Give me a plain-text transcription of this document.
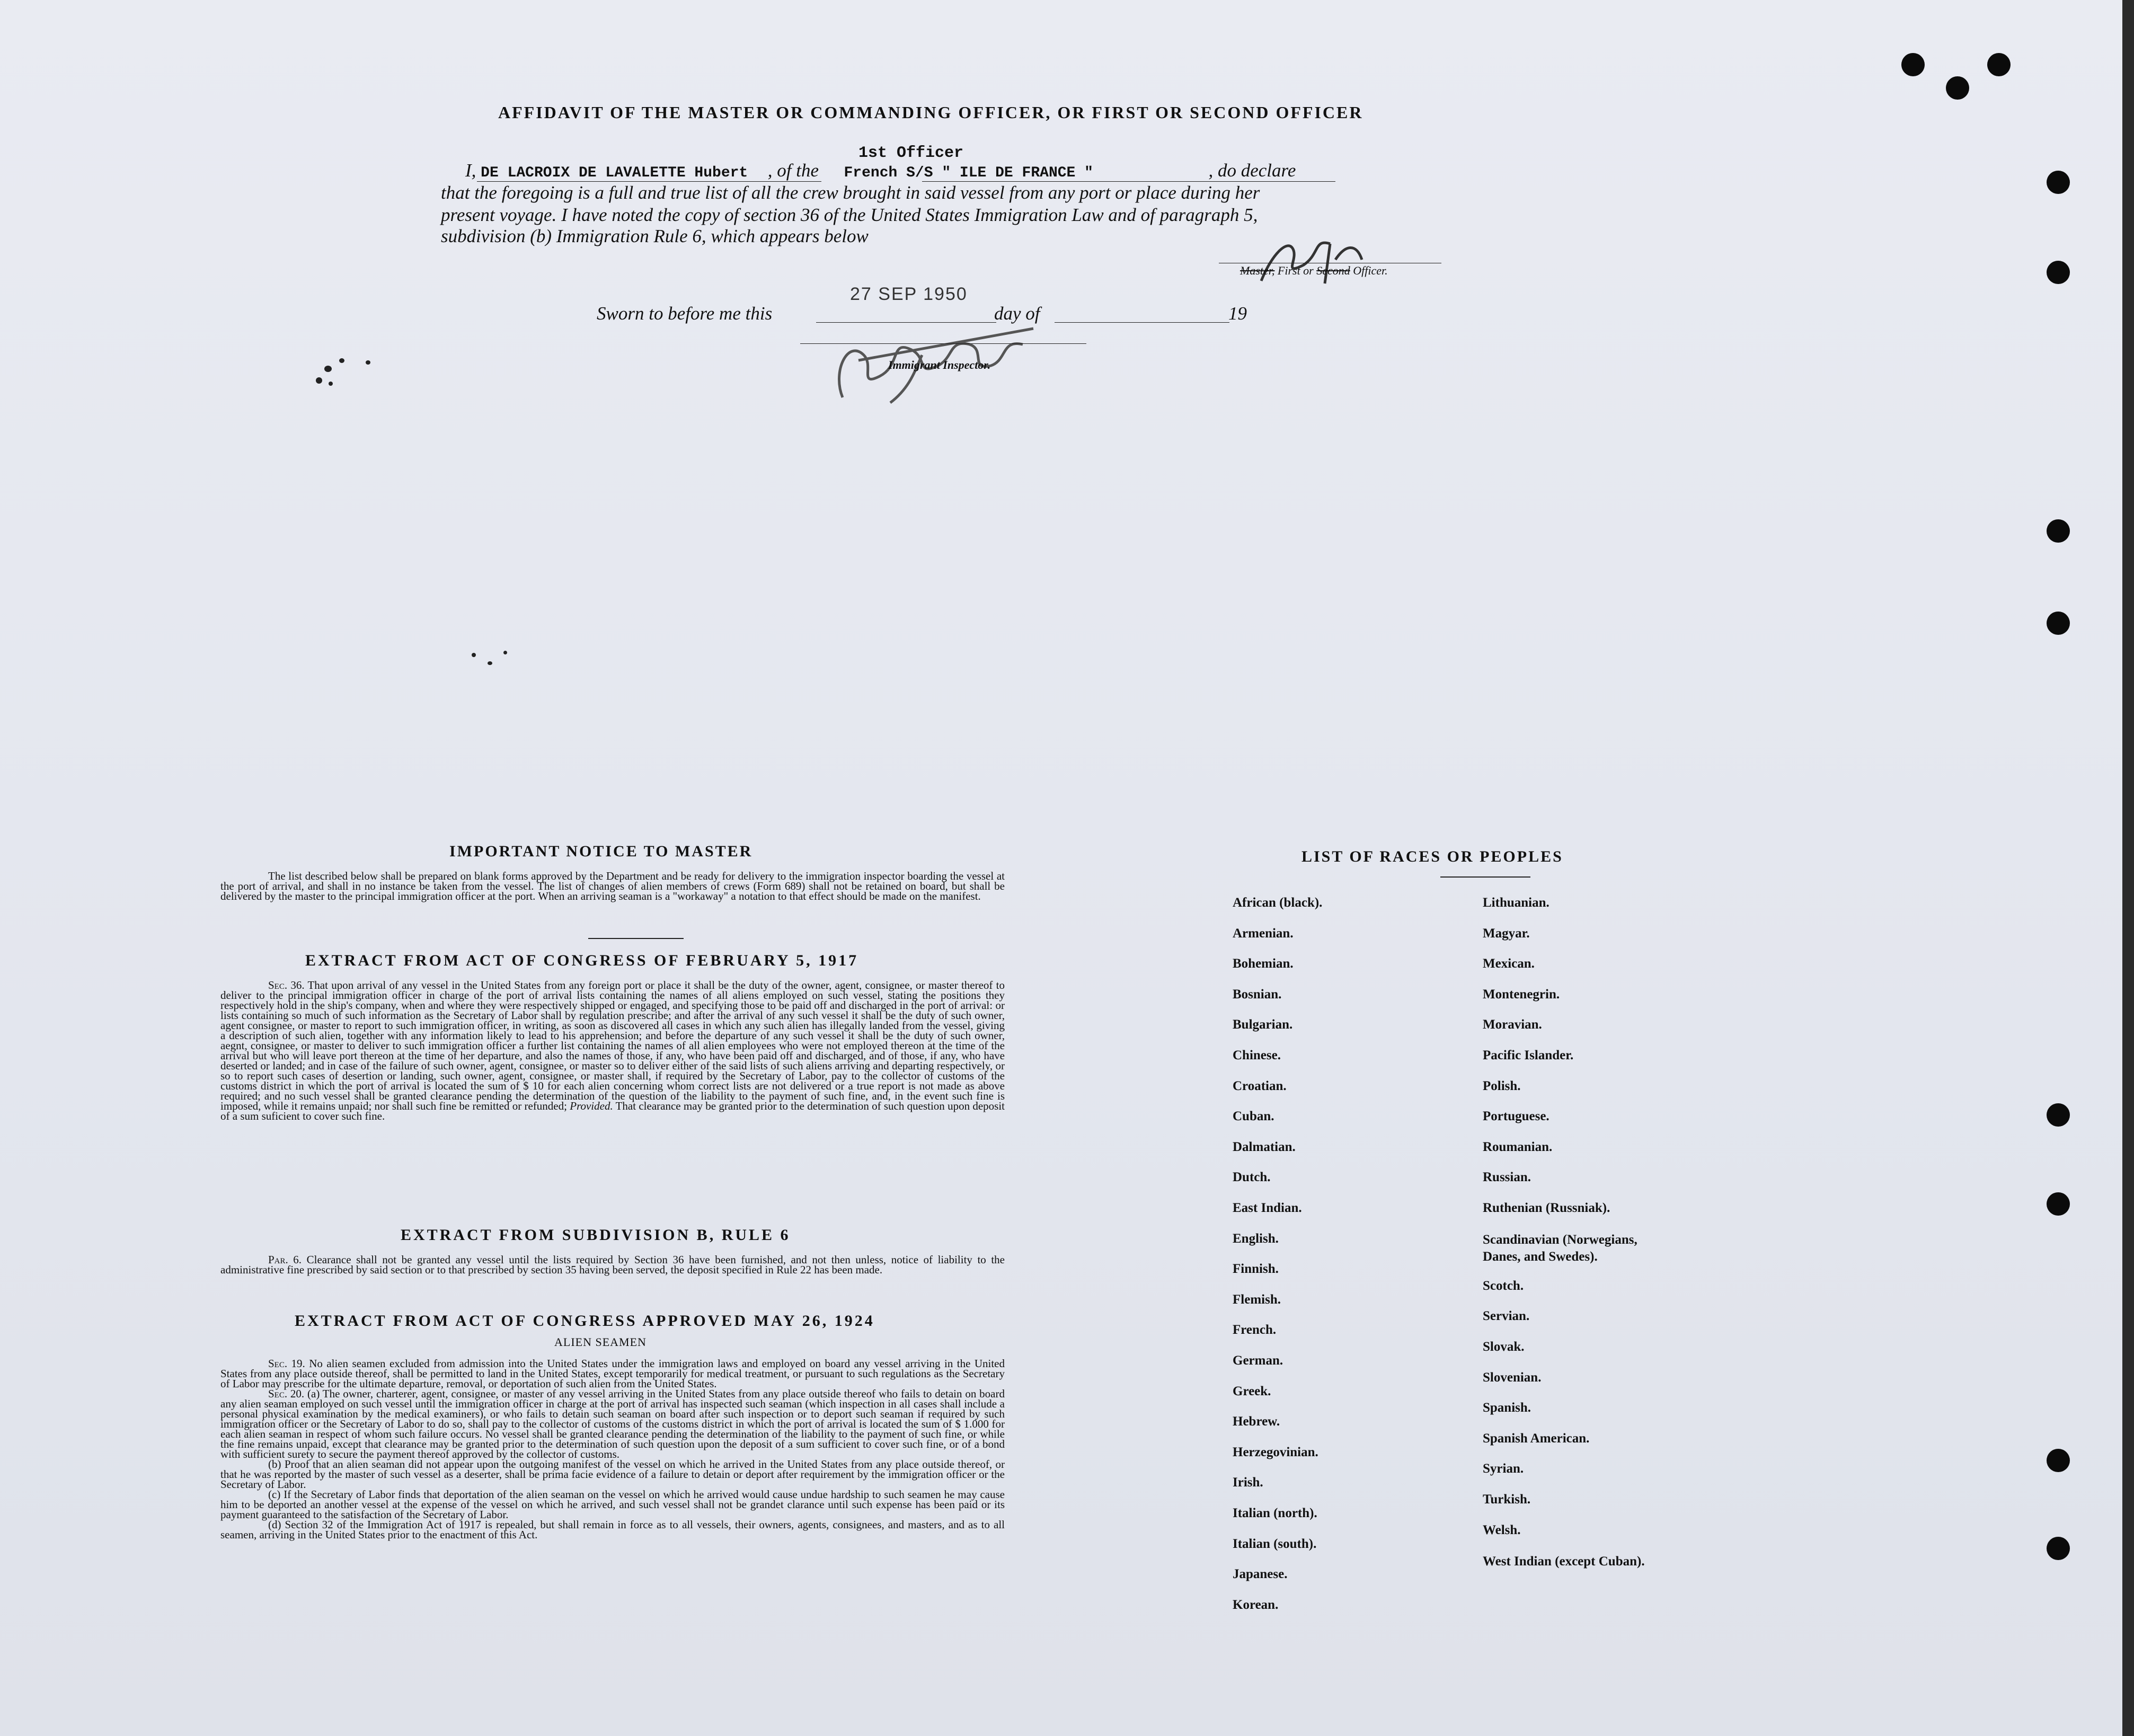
AFFIDAVIT OF THE MASTER OR COMMANDING OFFICER, OR FIRST OR SECOND OFFICER
1st Officer
I, DE LACROIX DE LAVALETTE Hubert , of the French S/S " ILE DE FRANCE "	, do declare
that the foregoing is a full and true list of all the crew brought in said vessel from any port or place during her
present voyage. I have noted the copy of section 36 of the United States Immigration Law and of paragraph 5,
subdivision (b) Immigration Rule 6, which appears below
Master, First or Second Officer.
Sworn to before me this
27 SEP 1950
day of	19
Immigrant Inspector.
IMPORTANT NOTICE TO MASTER
The list described below shall be prepared on blank forms approved by the Department and be ready for delivery to the immigration inspector boarding the vessel at the port of arrival, and shall in no instance be taken from the vessel. The list of changes of alien members of crews (Form 689) shall not be retained on board, but shall be delivered by the master to the principal immigration officer at the port. When an arriving seaman is a "workaway" a notation to that effect should be made on the manifest.
EXTRACT FROM ACT OF CONGRESS OF FEBRUARY 5, 1917
Sec. 36. That upon arrival of any vessel in the United States from any foreign port or place it shall be the duty of the owner, agent, consignee, or master thereof to deliver to the principal immigration officer in charge of the port of arrival lists containing the names of all aliens employed on such vessel, stating the positions they respectively hold in the ship's company, when and where they were respectively shipped or engaged, and specifying those to be paid off and discharged in the port of arrival: or lists containing so much of such information as the Secretary of Labor shall by regulation prescribe; and after the arrival of any such vessel it shall be the duty of such owner, agent consignee, or master to report to such immigration officer, in writing, as soon as discovered all cases in which any such alien has illegally landed from the vessel, giving a description of such alien, together with any information likely to lead to his apprehension; and before the departure of any such vessel it shall be the duty of such owner, aegnt, consignee, or master to deliver to such immigration officer a further list containing the names of all alien employees who were not employed thereon at the time of the arrival but who will leave port thereon at the time of her departure, and also the names of those, if any, who have been paid off and discharged, and of those, if any, who have deserted or landed; and in case of the failure of such owner, agent, consignee, or master so to deliver either of the said lists of such aliens arriving and departing respectively, or so to report such cases of desertion or landing, such owner, agent, consignee, or master shall, if required by the Secretary of Labor, pay to the collector of customs of the customs district in which the port of arrival is located the sum of $ 10 for each alien concerning whom correct lists are not delivered or a true report is not made as above required; and no such vessel shall be granted clearance pending the determination of the question of the liability to the payment of such fine, and, in the event such fine is imposed, while it remains unpaid; nor shall such fine be remitted or refunded; Provided. That clearance may be granted prior to the determination of such question upon deposit of a sum suficient to cover such fine.
EXTRACT FROM SUBDIVISION B, RULE 6
Par. 6. Clearance shall not be granted any vessel until the lists required by Section 36 have been furnished, and not then unless, notice of liability to the administrative fine prescribed by said section or to that prescribed by section 35 having been served, the deposit specified in Rule 22 has been made.
EXTRACT FROM ACT OF CONGRESS APPROVED MAY 26, 1924
ALIEN SEAMEN
Sec. 19. No alien seamen excluded from admission into the United States under the immigration laws and employed on board any vessel arriving in the United States from any place outside thereof, shall be permitted to land in the United States, except temporarily for medical treatment, or pursuant to such regulations as the Secretary of Labor may prescribe for the ultimate departure, removal, or deportation of such alien from the United States.
Sec. 20. (a) The owner, charterer, agent, consignee, or master of any vessel arriving in the United States from any place outside thereof who fails to detain on board any alien seaman employed on such vessel until the immigration officer in charge at the port of arrival has inspected such seaman (which inspection in all cases shall include a personal physical examination by the medical examiners), or who fails to detain such seaman on board after such inspection or to deport such seaman if required by such immigration officer or the Secretary of Labor to do so, shall pay to the collector of customs of the customs district in which the port of arrival is located the sum of $ 1.000 for each alien seaman in respect of whom such failure occurs. No vessel shall be granted clearance pending the determination of the liability to the payment of such fine, or while the fine remains unpaid, except that clearance may be granted prior to the determination of such question upon the deposit of a sum sufficient to cover such fine, or of a bond with sufficient surety to secure the payment thereof approved by the collector of customs.
(b) Proof that an alien seaman did not appear upon the outgoing manifest of the vessel on which he arrived in the United States from any place outside thereof, or that he was reported by the master of such vessel as a deserter, shall be prima facie evidence of a failure to detain or deport after requirement by the immigration officer or the Secretary of Labor.
(c) If the Secretary of Labor finds that deportation of the alien seaman on the vessel on which he arrived would cause undue hardship to such seamen he may cause him to be deported an another vessel at the expense of the vessel on which he arrived, and such vessel shall not be grandet clarance until such expense has been paid or its payment guaranteed to the satisfaction of the Secretary of Labor.
(d) Section 32 of the Immigration Act of 1917 is repealed, but shall remain in force as to all vessels, their owners, agents, consignees, and masters, and as to all seamen, arriving in the United States prior to the enactment of this Act.
LIST OF RACES OR PEOPLES
African (black).
Armenian.
Bohemian.
Bosnian.
Bulgarian.
Chinese.
Croatian.
Cuban.
Dalmatian.
Dutch.
East Indian.
English.
Finnish.
Flemish.
French.
German.
Greek.
Hebrew.
Herzegovinian.
Irish.
Italian (north).
Italian (south).
Japanese.
Korean.
Lithuanian.
Magyar.
Mexican.
Montenegrin.
Moravian.
Pacific Islander.
Polish.
Portuguese.
Roumanian.
Russian.
Ruthenian (Russniak).
Scandinavian (Norwegians, Danes, and Swedes).
Scotch.
Servian.
Slovak.
Slovenian.
Spanish.
Spanish American.
Syrian.
Turkish.
Welsh.
West Indian (except Cuban).
